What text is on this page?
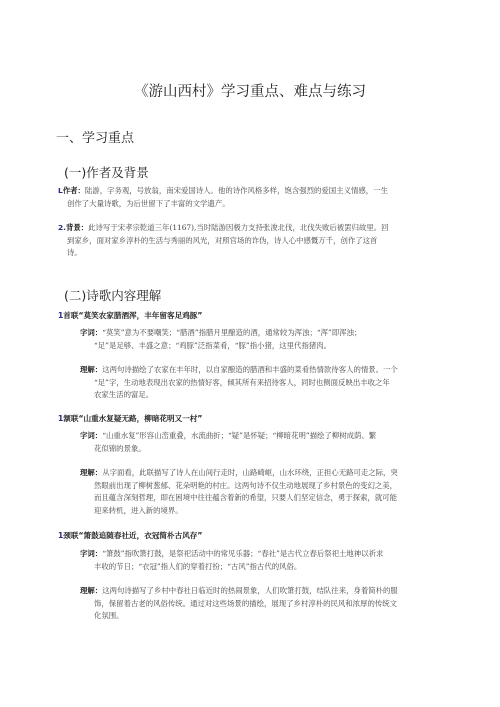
《游山西村》学习重点、难点与练习
一、学习重点
(一)作者及背景
L作者：陆游，字务观，号放翁，南宋爱国诗人。他的诗作风格多样，饱含强烈的爱国主义情感，一生
创作了大量诗歌，为后世留下了丰富的文学遗产。
2.背景：此诗写于宋孝宗乾道三年(1167),当时陆游因极力支持张浚北伐，北伐失败后被罢归故里。回
到家乡，面对家乡淳朴的生活与秀丽的风光，对照官场的诈伪，诗人心中感慨万千，创作了这首
诗。
(二)诗歌内容理解
1首联“莫笑农家腊酒浑，丰年留客足鸡豚”
字词：“莫笑”意为不要嘲笑；“腊酒”指腊月里酿造的酒，通常较为浑浊；“浑”即浑浊；
“足”是足够、丰盛之意；“鸡豚”泛指菜肴，“豚”指小猪，这里代指猪肉。
理解：这两句诗描绘了农家在丰年时，以自家酿造的腊酒和丰盛的菜肴热情款待客人的情景。一个
“足”字，生动地表现出农家的热情好客，倾其所有来招待客人，同时也侧面反映出丰收之年
农家生活的富足。
1颔联“山重水复疑无路，柳暗花明又一村”
字词：“山重水复”形容山峦重叠，水流曲折；“疑”是怀疑；“柳暗花明”描绘了柳树成荫、繁
花似锦的景象。
理解：从字面看，此联描写了诗人在山间行走时，山路崎岖，山水环绕，正担心无路可走之际，突
然眼前出现了柳树葱郁、花朵明艳的村庄。这两句诗不仅生动地展现了乡村景色的变幻之美，
而且蕴含深刻哲理，即在困境中往往蕴含着新的希望，只要人们坚定信念，勇于探索，就可能
迎来转机，进入新的境界。
1颈联“箫鼓追随春社近，衣冠简朴古风存”
字词：“箫鼓”指吹箫打鼓，是祭祀活动中的常见乐器；“春社”是古代立春后祭祀土地神以祈求
丰收的节日；“衣冠”指人们的穿着打扮；“古风”指古代的风俗。
理解：这两句诗描写了乡村中春社日临近时的热闹景象，人们吹箫打鼓，结队往来，身着简朴的服
饰，保留着古老的风俗传统。通过对这些场景的描绘，展现了乡村淳朴的民风和浓厚的传统文
化氛围。
